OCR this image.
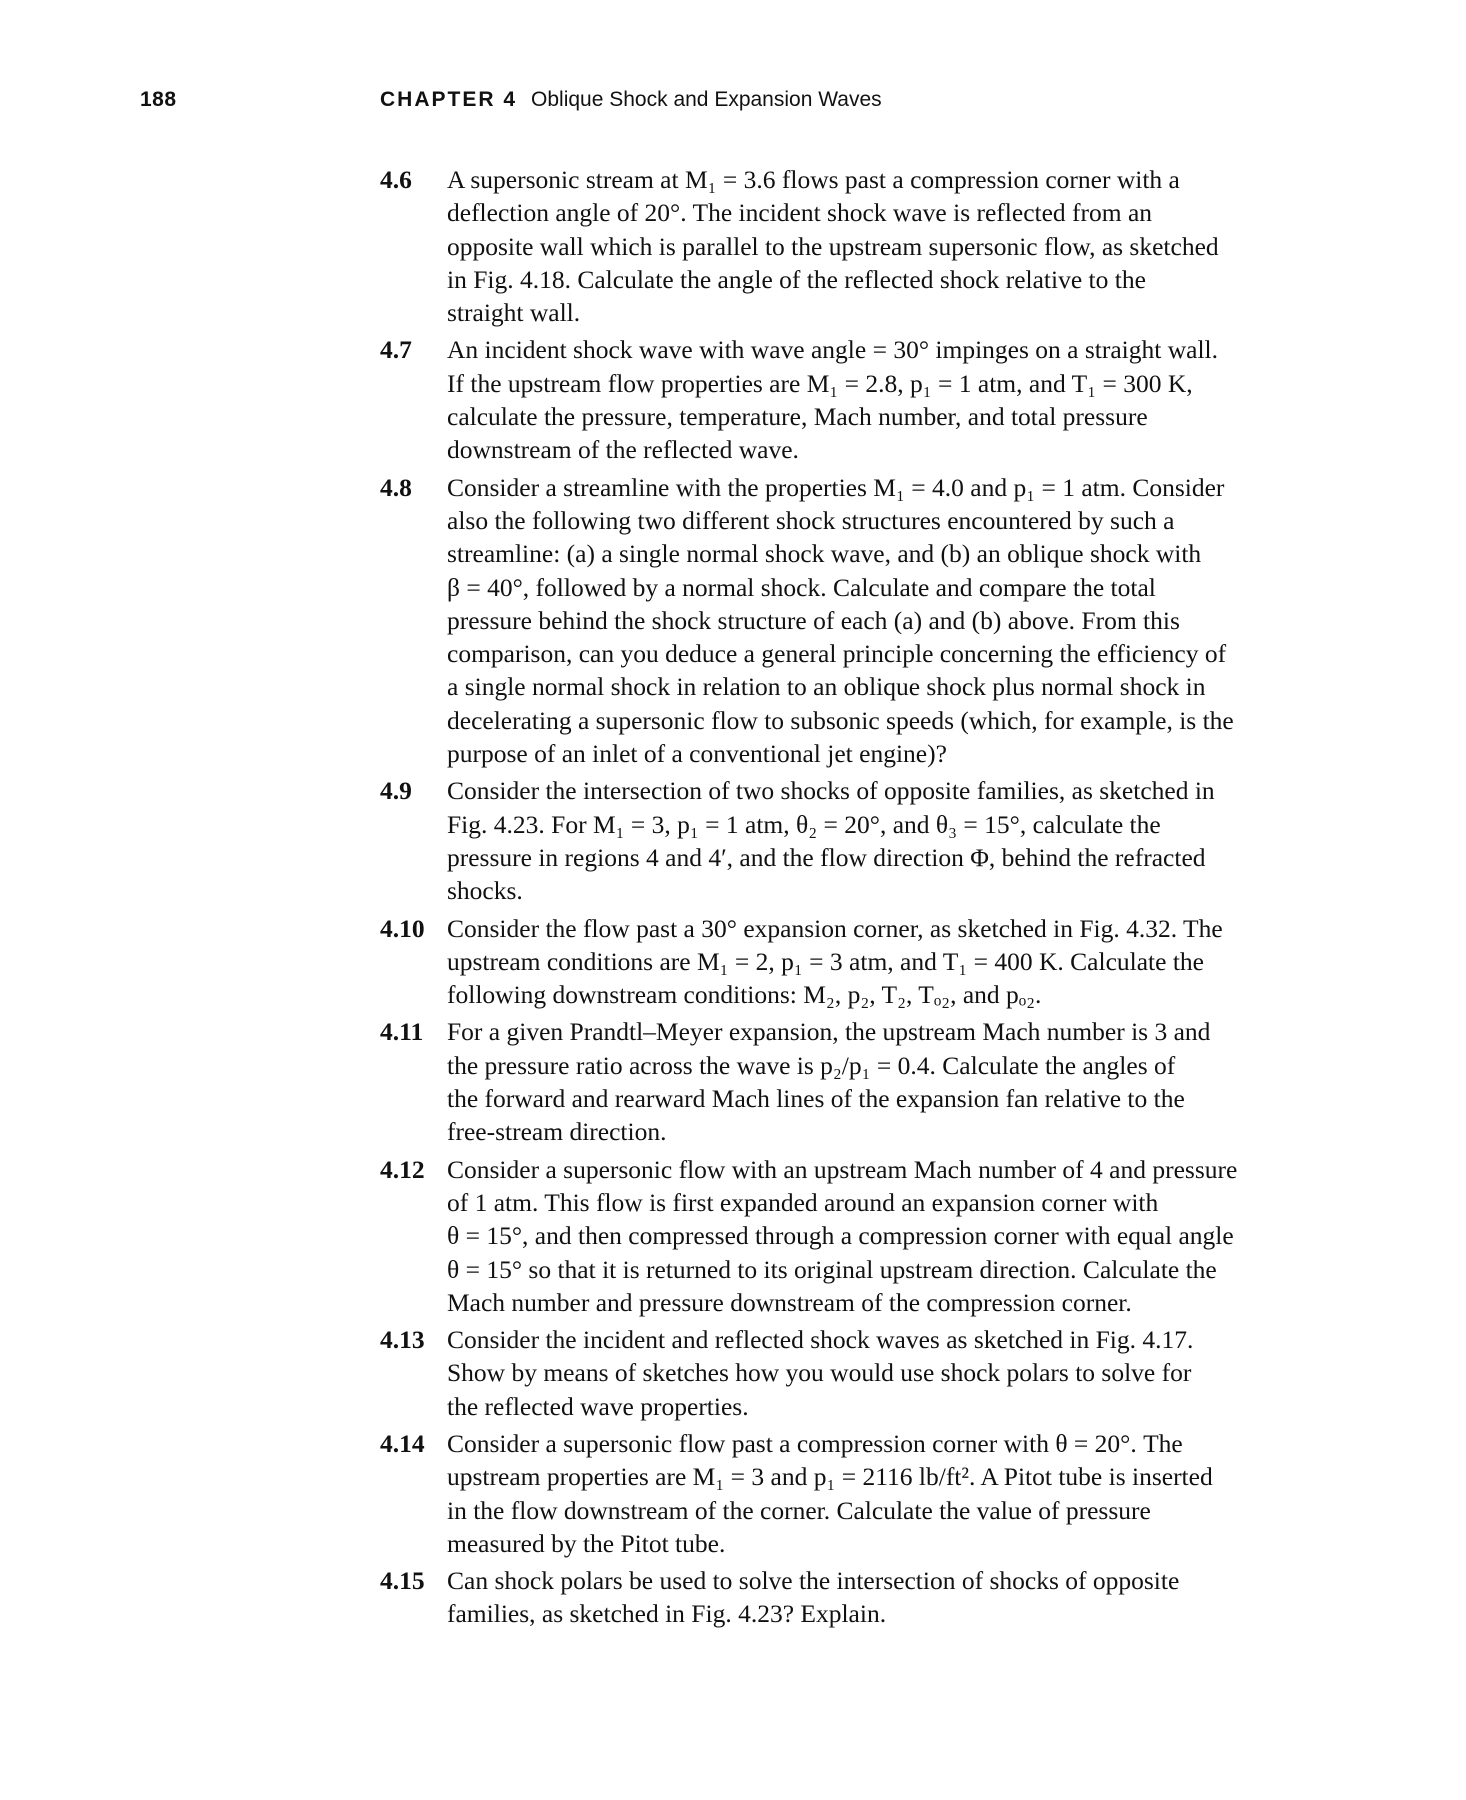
188	CHAPTER 4 Oblique Shock and Expansion Waves
4.6	A supersonic stream at M₁ = 3.6 flows past a compression corner with a
deflection angle of 20°. The incident shock wave is reflected from an
opposite wall which is parallel to the upstream supersonic flow, as sketched
in Fig. 4.18. Calculate the angle of the reflected shock relative to the
straight wall.
4.7	An incident shock wave with wave angle = 30° impinges on a straight wall.
If the upstream flow properties are M₁ = 2.8, p₁ = 1 atm, and T₁ = 300 K,
calculate the pressure, temperature, Mach number, and total pressure
downstream of the reflected wave.
4.8	Consider a streamline with the properties M₁ = 4.0 and p₁ = 1 atm. Consider
also the following two different shock structures encountered by such a
streamline: (a) a single normal shock wave, and (b) an oblique shock with
β = 40°, followed by a normal shock. Calculate and compare the total
pressure behind the shock structure of each (a) and (b) above. From this
comparison, can you deduce a general principle concerning the efficiency of
a single normal shock in relation to an oblique shock plus normal shock in
decelerating a supersonic flow to subsonic speeds (which, for example, is the
purpose of an inlet of a conventional jet engine)?
4.9	Consider the intersection of two shocks of opposite families, as sketched in
Fig. 4.23. For M₁ = 3, p₁ = 1 atm, θ₂ = 20°, and θ₃ = 15°, calculate the
pressure in regions 4 and 4′, and the flow direction Φ, behind the refracted
shocks.
4.10 Consider the flow past a 30° expansion corner, as sketched in Fig. 4.32. The
upstream conditions are M₁ = 2, p₁ = 3 atm, and T₁ = 400 K. Calculate the
following downstream conditions: M₂, p₂, T₂, Tₒ₂, and pₒ₂.
4.11 For a given Prandtl–Meyer expansion, the upstream Mach number is 3 and
the pressure ratio across the wave is p₂/p₁ = 0.4. Calculate the angles of
the forward and rearward Mach lines of the expansion fan relative to the
free-stream direction.
4.12 Consider a supersonic flow with an upstream Mach number of 4 and pressure
of 1 atm. This flow is first expanded around an expansion corner with
θ = 15°, and then compressed through a compression corner with equal angle
θ = 15° so that it is returned to its original upstream direction. Calculate the
Mach number and pressure downstream of the compression corner.
4.13 Consider the incident and reflected shock waves as sketched in Fig. 4.17.
Show by means of sketches how you would use shock polars to solve for
the reflected wave properties.
4.14 Consider a supersonic flow past a compression corner with θ = 20°. The
upstream properties are M₁ = 3 and p₁ = 2116 lb/ft². A Pitot tube is inserted
in the flow downstream of the corner. Calculate the value of pressure
measured by the Pitot tube.
4.15 Can shock polars be used to solve the intersection of shocks of opposite
families, as sketched in Fig. 4.23? Explain.
